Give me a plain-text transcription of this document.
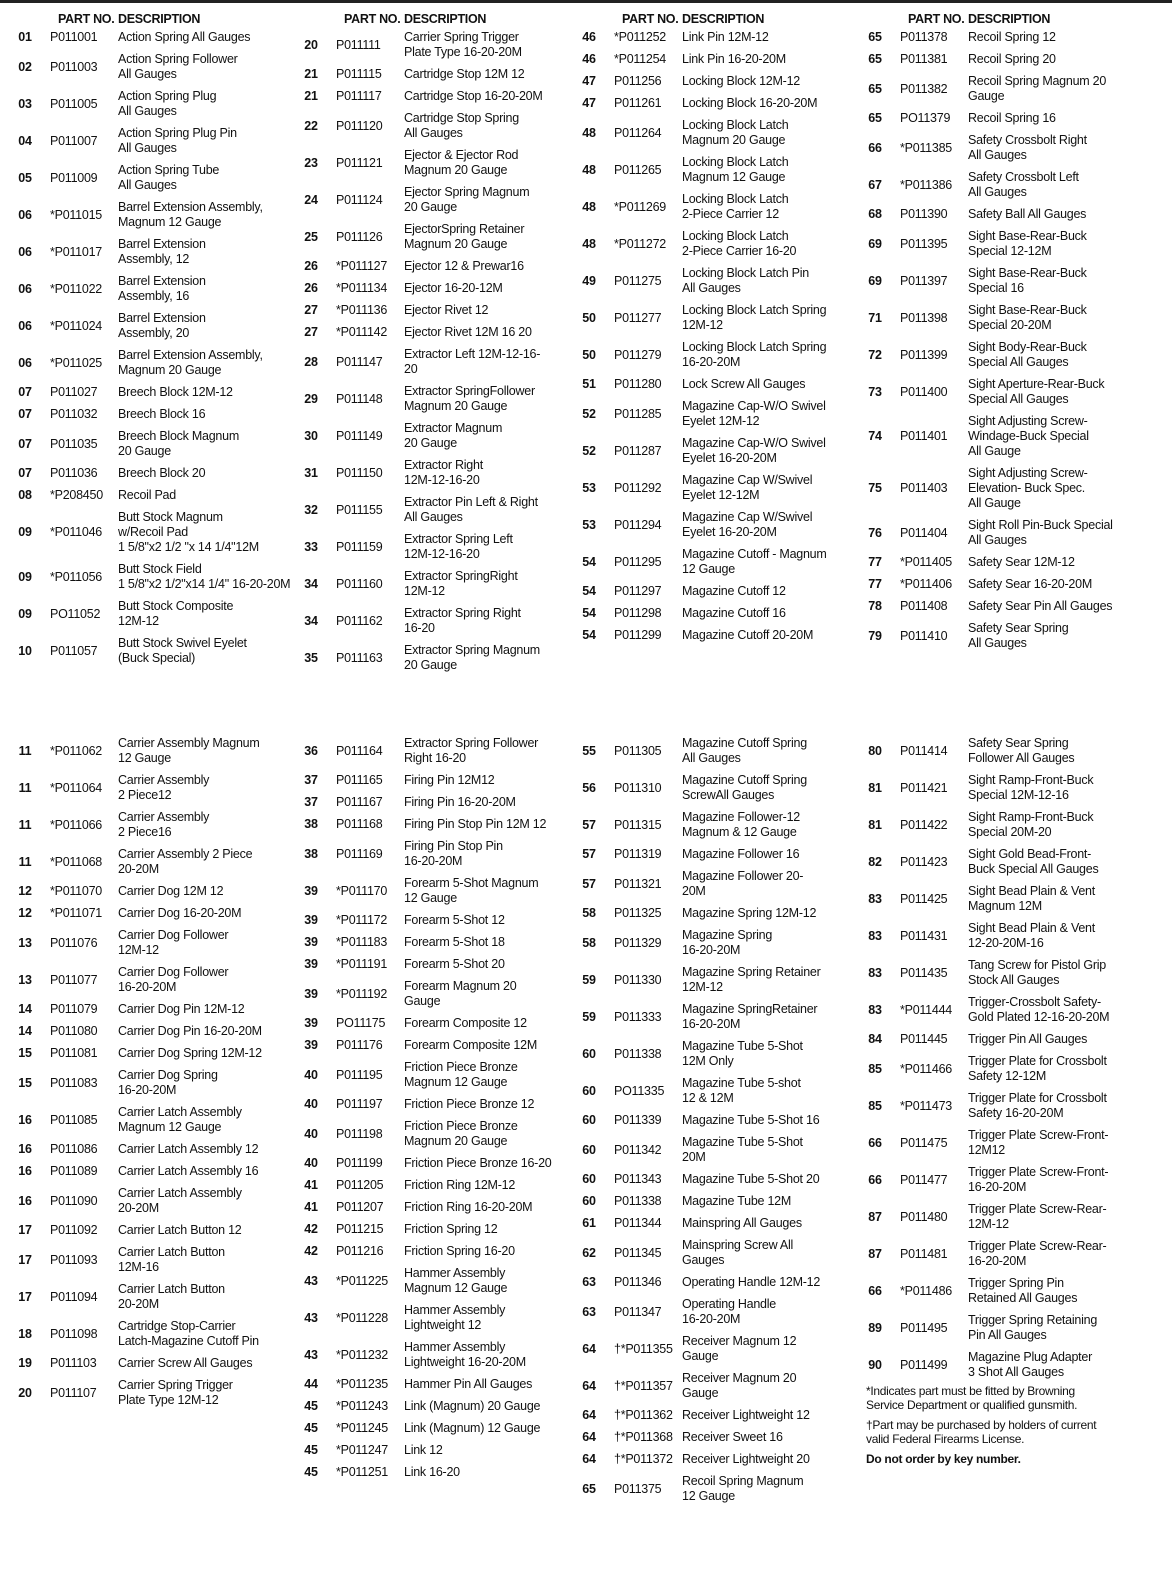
PART NO. DESCRIPTION
01	P011001 Action Spring All Gauges
02	P011003
Action Spring Follower
All Gauges
03	P011005
Action Spring Plug
All Gauges
04	P011007
Action Spring Plug Pin
All Gauges
05	P011009
Action Spring Tube
All Gauges
06	*P011015
Barrel Extension Assembly,
Magnum 12 Gauge
06	*P011017
Barrel Extension
Assembly, 12
06	*P011022
Barrel Extension
Assembly, 16
06	*P011024
Barrel Extension
Assembly, 20
06	*P011025
Barrel Extension Assembly,
Magnum 20 Gauge
07	P011027 Breech Block 12M-12
07	P011032 Breech Block 16
07	P011035
Breech Block Magnum
20 Gauge
07	P011036 Breech Block 20
08	*P208450 Recoil Pad
09	*P011046
Butt Stock Magnum
w/Recoil Pad
1 5/8"x2 1/2 "x 14 1/4"12M
09	*P011056
Butt Stock Field
1 5/8"x2 1/2"x14 1/4" 16-20-20M
09	PO11052
Butt Stock Composite
12M-12
10	P011057
Butt Stock Swivel Eyelet
(Buck Special)
PART NO. DESCRIPTION
20	P011111
Carrier Spring Trigger
Plate Type 16-20-20M
21	P011115 Cartridge Stop 12M 12
21	P011117 Cartridge Stop 16-20-20M
22	P011120
Cartridge Stop Spring
All Gauges
23	P011121
Ejector & Ejector Rod
Magnum 20 Gauge
24	P011124
Ejector Spring Magnum
20 Gauge
25	P011126
EjectorSpring Retainer
Magnum 20 Gauge
26	*P011127 Ejector 12 & Prewar16
26	*P011134 Ejector 16-20-12M
27	*P011136 Ejector Rivet 12
27	*P011142 Ejector Rivet 12M 16 20
28	P011147
Extractor Left 12M-12-16-
20
29	P011148
Extractor SpringFollower
Magnum 20 Gauge
30	P011149
Extractor Magnum
20 Gauge
31	P011150
Extractor Right
12M-12-16-20
32	P011155
Extractor Pin Left & Right
All Gauges
33	P011159
Extractor Spring Left
12M-12-16-20
34	P011160
Extractor SpringRight
12M-12
34	P011162
Extractor Spring Right
16-20
35	P011163
Extractor Spring Magnum
20 Gauge
PART NO. DESCRIPTION
46	*P011252 Link Pin 12M-12
46	*P011254 Link Pin 16-20-20M
47	P011256 Locking Block 12M-12
47	P011261 Locking Block 16-20-20M
48	P011264
Locking Block Latch
Magnum 20 Gauge
48	P011265
Locking Block Latch
Magnum 12 Gauge
48	*P011269
Locking Block Latch
2-Piece Carrier 12
48	*P011272
Locking Block Latch
2-Piece Carrier 16-20
49	P011275
Locking Block Latch Pin
All Gauges
50	P011277
Locking Block Latch Spring
12M-12
50	P011279
Locking Block Latch Spring
16-20-20M
51	P011280 Lock Screw All Gauges
52	P011285
Magazine Cap-W/O Swivel
Eyelet 12M-12
52	P011287
Magazine Cap-W/O Swivel
Eyelet 16-20-20M
53	P011292
Magazine Cap W/Swivel
Eyelet 12-12M
53	P011294
Magazine Cap W/Swivel
Eyelet 16-20-20M
54	P011295
Magazine Cutoff - Magnum
12 Gauge
54	P011297 Magazine Cutoff 12
54	P011298 Magazine Cutoff 16
54	P011299 Magazine Cutoff 20-20M
PART NO. DESCRIPTION
65	P011378 Recoil Spring 12
65	P011381 Recoil Spring 20
65	P011382
Recoil Spring Magnum 20
Gauge
65	PO11379 Recoil Spring 16
66	*P011385
Safety Crossbolt Right
All Gauges
67	*P011386
Safety Crossbolt Left
All Gauges
68	P011390 Safety Ball All Gauges
69	P011395
Sight Base-Rear-Buck
Special 12-12M
69	P011397
Sight Base-Rear-Buck
Special 16
71	P011398
Sight Base-Rear-Buck
Special 20-20M
72	P011399
Sight Body-Rear-Buck
Special All Gauges
73	P011400
Sight Aperture-Rear-Buck
Special All Gauges
74	P011401
Sight Adjusting Screw-
Windage-Buck Special
All Gauge
75	P011403
Sight Adjusting Screw-
Elevation- Buck Spec.
All Gauge
76	P011404
Sight Roll Pin-Buck Special
All Gauges
77	*P011405 Safety Sear 12M-12
77	*P011406 Safety Sear 16-20-20M
78	P011408 Safety Sear Pin All Gauges
79	P011410
Safety Sear Spring
All Gauges
11	*P011062
Carrier Assembly Magnum
12 Gauge
11	*P011064
Carrier Assembly
2 Piece12
11	*P011066
Carrier Assembly
2 Piece16
11	*P011068
Carrier Assembly 2 Piece
20-20M
12	*P011070 Carrier Dog 12M 12
12	*P011071 Carrier Dog 16-20-20M
13	P011076
Carrier Dog Follower
12M-12
13	P011077
Carrier Dog Follower
16-20-20M
14	P011079 Carrier Dog Pin 12M-12
14	P011080 Carrier Dog Pin 16-20-20M
15	P011081 Carrier Dog Spring 12M-12
15	P011083
Carrier Dog Spring
16-20-20M
16	P011085
Carrier Latch Assembly
Magnum 12 Gauge
16	P011086 Carrier Latch Assembly 12
16	P011089 Carrier Latch Assembly 16
16	P011090
Carrier Latch Assembly
20-20M
17	P011092 Carrier Latch Button 12
17	P011093
Carrier Latch Button
12M-16
17	P011094
Carrier Latch Button
20-20M
18	P011098
Cartridge Stop-Carrier
Latch-Magazine Cutoff Pin
19	P011103 Carrier Screw All Gauges
20	P011107
Carrier Spring Trigger
Plate Type 12M-12
36	P011164
Extractor Spring Follower
Right 16-20
37	P011165 Firing Pin 12M12
37	P011167 Firing Pin 16-20-20M
38	P011168 Firing Pin Stop Pin 12M 12
38	P011169
Firing Pin Stop Pin
16-20-20M
39	*P011170
Forearm 5-Shot Magnum
12 Gauge
39	*P011172 Forearm 5-Shot 12
39	*P011183 Forearm 5-Shot 18
39	*P011191 Forearm 5-Shot 20
39	*P011192
Forearm Magnum 20
Gauge
39	PO11175 Forearm Composite 12
39	P011176 Forearm Composite 12M
40	P011195
Friction Piece Bronze
Magnum 12 Gauge
40	P011197 Friction Piece Bronze 12
40	P011198
Friction Piece Bronze
Magnum 20 Gauge
40	P011199 Friction Piece Bronze 16-20
41	P011205 Friction Ring 12M-12
41	P011207 Friction Ring 16-20-20M
42	P011215 Friction Spring 12
42	P011216 Friction Spring 16-20
43	*P011225
Hammer Assembly
Magnum 12 Gauge
43	*P011228
Hammer Assembly
Lightweight 12
43	*P011232
Hammer Assembly
Lightweight 16-20-20M
44	*P011235 Hammer Pin All Gauges
45	*P011243 Link (Magnum) 20 Gauge
45	*P011245 Link (Magnum) 12 Gauge
45	*P011247 Link 12
45	*P011251 Link 16-20
55	P011305
Magazine Cutoff Spring
All Gauges
56	P011310
Magazine Cutoff Spring
ScrewAll Gauges
57	P011315
Magazine Follower-12
Magnum & 12 Gauge
57	P011319 Magazine Follower 16
57	P011321
Magazine Follower 20-
20M
58	P011325 Magazine Spring 12M-12
58	P011329
Magazine Spring
16-20-20M
59	P011330
Magazine Spring Retainer
12M-12
59	P011333
Magazine SpringRetainer
16-20-20M
60	P011338
Magazine Tube 5-Shot
12M Only
60	PO11335
Magazine Tube 5-shot
12 & 12M
60	P011339 Magazine Tube 5-Shot 16
60	P011342
Magazine Tube 5-Shot
20M
60	P011343 Magazine Tube 5-Shot 20
60	P011338 Magazine Tube 12M
61	P011344 Mainspring All Gauges
62	P011345
Mainspring Screw All
Gauges
63	P011346 Operating Handle 12M-12
63	P011347
Operating Handle
16-20-20M
64	†*P011355
Receiver Magnum 12
Gauge
64	†*P011357
Receiver Magnum 20
Gauge
64	†*P011362 Receiver Lightweight 12
64	†*P011368 Receiver Sweet 16
64	†*P011372 Receiver Lightweight 20
65	P011375
Recoil Spring Magnum
12 Gauge
80	P011414
Safety Sear Spring
Follower All Gauges
81	P011421
Sight Ramp-Front-Buck
Special 12M-12-16
81	P011422
Sight Ramp-Front-Buck
Special 20M-20
82	P011423
Sight Gold Bead-Front-
Buck Special All Gauges
83	P011425
Sight Bead Plain & Vent
Magnum 12M
83	P011431
Sight Bead Plain & Vent
12-20-20M-16
83	P011435
Tang Screw for Pistol Grip
Stock All Gauges
83	*P011444
Trigger-Crossbolt Safety-
Gold Plated 12-16-20-20M
84	P011445 Trigger Pin All Gauges
85	*P011466
Trigger Plate for Crossbolt
Safety 12-12M
85	*P011473
Trigger Plate for Crossbolt
Safety 16-20-20M
66	P011475
Trigger Plate Screw-Front-
12M12
66	P011477
Trigger Plate Screw-Front-
16-20-20M
87	P011480
Trigger Plate Screw-Rear-
12M-12
87	P011481
Trigger Plate Screw-Rear-
16-20-20M
66	*P011486
Trigger Spring Pin
Retained All Gauges
89	P011495
Trigger Spring Retaining
Pin All Gauges
90	P011499
Magazine Plug Adapter
3 Shot All Gauges

*Indicates part must be fitted by Browning
Service Department or qualified gunsmith.

†Part may be purchased by holders of current
valid Federal Firearms License.

Do not order by key number.
